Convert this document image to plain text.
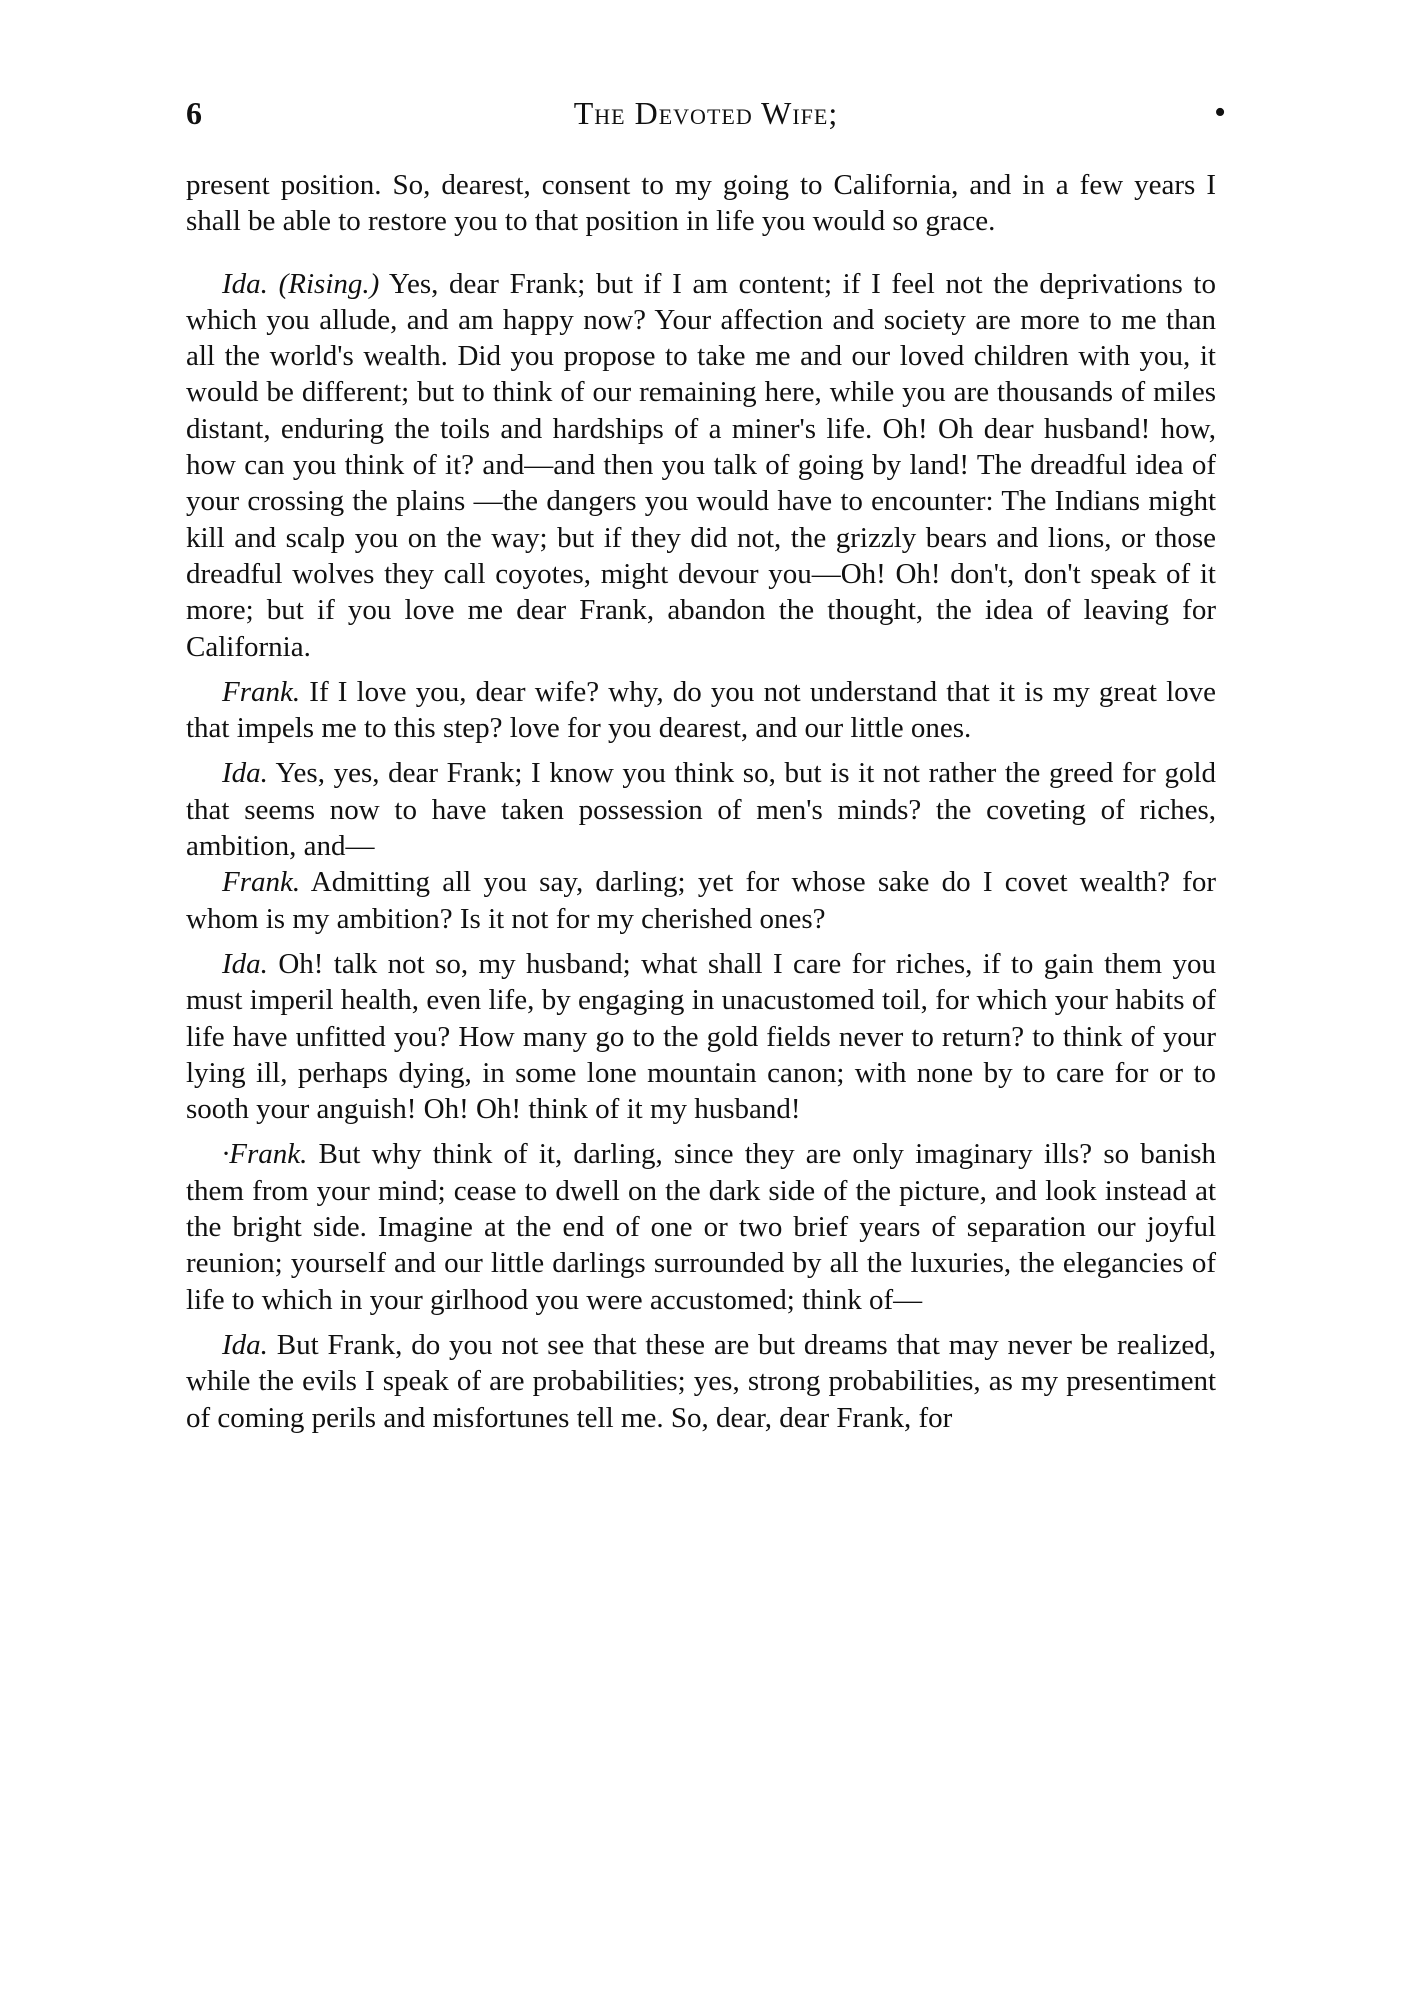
6	The Devoted Wife;	•

present position. So, dearest, consent to my going to California, and in a few years I shall be able to restore you to that position in life you would so grace.

Ida. (Rising.) Yes, dear Frank; but if I am content; if I feel not the deprivations to which you allude, and am happy now? Your affection and society are more to me than all the world's wealth. Did you propose to take me and our loved children with you, it would be different; but to think of our remaining here, while you are thousands of miles distant, enduring the toils and hardships of a miner's life. Oh! Oh dear husband! how, how can you think of it? and—and then you talk of going by land! The dreadful idea of your crossing the plains —the dangers you would have to encounter: The Indians might kill and scalp you on the way; but if they did not, the grizzly bears and lions, or those dreadful wolves they call coyotes, might devour you—Oh! Oh! don't, don't speak of it more; but if you love me dear Frank, abandon the thought, the idea of leaving for California.

Frank. If I love you, dear wife? why, do you not understand that it is my great love that impels me to this step? love for you dearest, and our little ones.

Ida. Yes, yes, dear Frank; I know you think so, but is it not rather the greed for gold that seems now to have taken possession of men's minds? the coveting of riches, ambition, and—

Frank. Admitting all you say, darling; yet for whose sake do I covet wealth? for whom is my ambition? Is it not for my cherished ones?

Ida. Oh! talk not so, my husband; what shall I care for riches, if to gain them you must imperil health, even life, by engaging in unacustomed toil, for which your habits of life have unfitted you? How many go to the gold fields never to return? to think of your lying ill, perhaps dying, in some lone mountain canon; with none by to care for or to sooth your anguish! Oh! Oh! think of it my husband!

·Frank. But why think of it, darling, since they are only imaginary ills? so banish them from your mind; cease to dwell on the dark side of the picture, and look instead at the bright side. Imagine at the end of one or two brief years of separation our joyful reunion; yourself and our little darlings surrounded by all the luxuries, the elegancies of life to which in your girlhood you were accustomed; think of—

Ida. But Frank, do you not see that these are but dreams that may never be realized, while the evils I speak of are probabilities; yes, strong probabilities, as my presentiment of coming perils and misfortunes tell me. So, dear, dear Frank, for
